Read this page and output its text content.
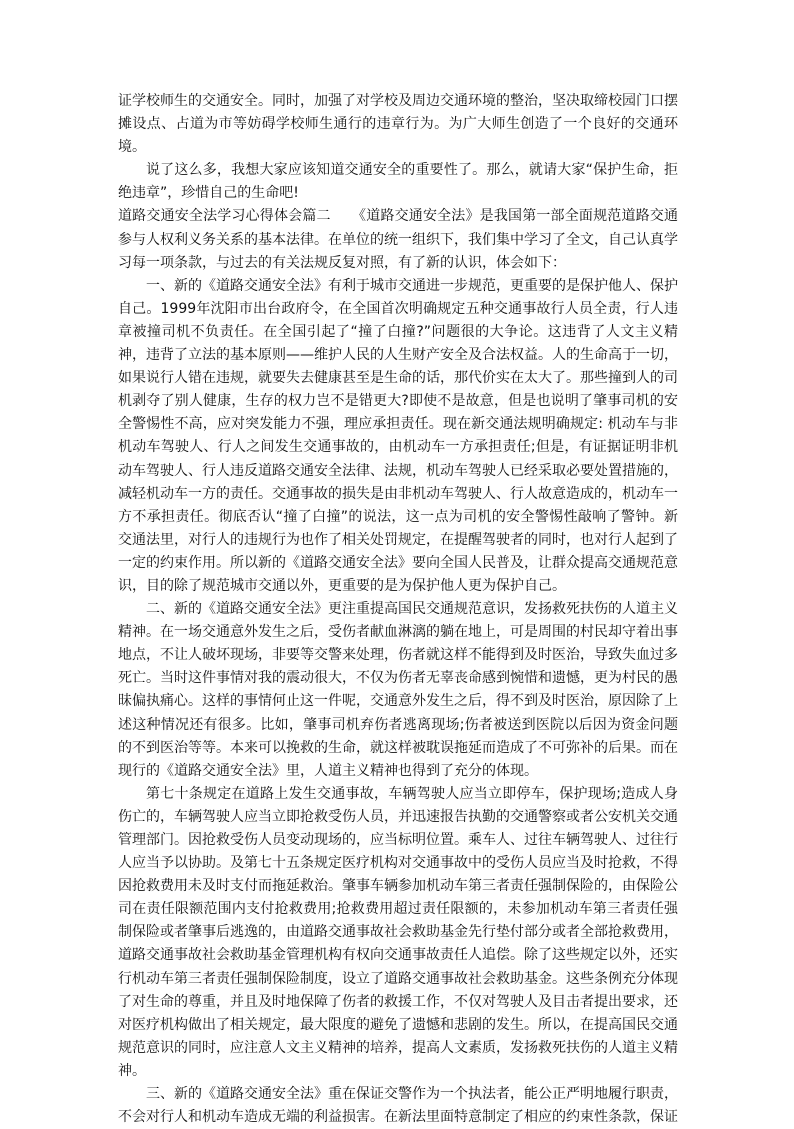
证学校师生的交通安全。同时，加强了对学校及周边交通环境的整治，坚决取缔校园门口摆摊设点、占道为市等妨碍学校师生通行的违章行为。为广大师生创造了一个良好的交通环境。

说了这么多，我想大家应该知道交通安全的重要性了。那么，就请大家“保护生命，拒绝违章”，珍惜自己的生命吧!

道路交通安全法学习心得体会篇二　　《道路交通安全法》是我国第一部全面规范道路交通参与人权利义务关系的基本法律。在单位的统一组织下，我们集中学习了全文，自己认真学习每一项条款，与过去的有关法规反复对照，有了新的认识，体会如下：

一、新的《道路交通安全法》有利于城市交通进一步规范，更重要的是保护他人、保护自己。1999年沈阳市出台政府令，在全国首次明确规定五种交通事故行人员全责，行人违章被撞司机不负责任。在全国引起了“撞了白撞?”问题很的大争论。这违背了人文主义精神，违背了立法的基本原则——维护人民的人生财产安全及合法权益。人的生命高于一切，如果说行人错在违规，就要失去健康甚至是生命的话，那代价实在太大了。那些撞到人的司机剥夺了别人健康，生存的权力岂不是错更大?即使不是故意，但是也说明了肇事司机的安全警惕性不高，应对突发能力不强，理应承担责任。现在新交通法规明确规定: 机动车与非机动车驾驶人、行人之间发生交通事故的，由机动车一方承担责任;但是，有证据证明非机动车驾驶人、行人违反道路交通安全法律、法规，机动车驾驶人已经采取必要处置措施的，减轻机动车一方的责任。交通事故的损失是由非机动车驾驶人、行人故意造成的，机动车一方不承担责任。彻底否认“撞了白撞”的说法，这一点为司机的安全警惕性敲响了警钟。新交通法里，对行人的违规行为也作了相关处罚规定，在提醒驾驶者的同时，也对行人起到了一定的约束作用。所以新的《道路交通安全法》要向全国人民普及，让群众提高交通规范意识，目的除了规范城市交通以外，更重要的是为保护他人更为保护自己。

二、新的《道路交通安全法》更注重提高国民交通规范意识，发扬救死扶伤的人道主义精神。在一场交通意外发生之后，受伤者献血淋漓的躺在地上，可是周围的村民却守着出事地点，不让人破坏现场，非要等交警来处理，伤者就这样不能得到及时医治，导致失血过多死亡。当时这件事情对我的震动很大，不仅为伤者无辜丧命感到惋惜和遗憾，更为村民的愚昧偏执痛心。这样的事情何止这一件呢，交通意外发生之后，得不到及时医治，原因除了上述这种情况还有很多。比如，肇事司机弃伤者逃离现场;伤者被送到医院以后因为资金问题的不到医治等等。本来可以挽救的生命，就这样被耽误拖延而造成了不可弥补的后果。而在现行的《道路交通安全法》里，人道主义精神也得到了充分的体现。

第七十条规定在道路上发生交通事故，车辆驾驶人应当立即停车，保护现场;造成人身伤亡的，车辆驾驶人应当立即抢救受伤人员，并迅速报告执勤的交通警察或者公安机关交通管理部门。因抢救受伤人员变动现场的，应当标明位置。乘车人、过往车辆驾驶人、过往行人应当予以协助。及第七十五条规定医疗机构对交通事故中的受伤人员应当及时抢救，不得因抢救费用未及时支付而拖延救治。肇事车辆参加机动车第三者责任强制保险的，由保险公司在责任限额范围内支付抢救费用;抢救费用超过责任限额的，未参加机动车第三者责任强制保险或者肇事后逃逸的，由道路交通事故社会救助基金先行垫付部分或者全部抢救费用，道路交通事故社会救助基金管理机构有权向交通事故责任人追偿。除了这些规定以外，还实行机动车第三者责任强制保险制度，设立了道路交通事故社会救助基金。这些条例充分体现了对生命的尊重，并且及时地保障了伤者的救援工作，不仅对驾驶人及目击者提出要求，还对医疗机构做出了相关规定，最大限度的避免了遗憾和悲剧的发生。所以，在提高国民交通规范意识的同时，应注意人文主义精神的培养，提高人文素质，发扬救死扶伤的人道主义精神。

三、新的《道路交通安全法》重在保证交警作为一个执法者，能公正严明地履行职责，不会对行人和机动车造成无端的利益损害。在新法里面特意制定了相应的约束性条款，保证
